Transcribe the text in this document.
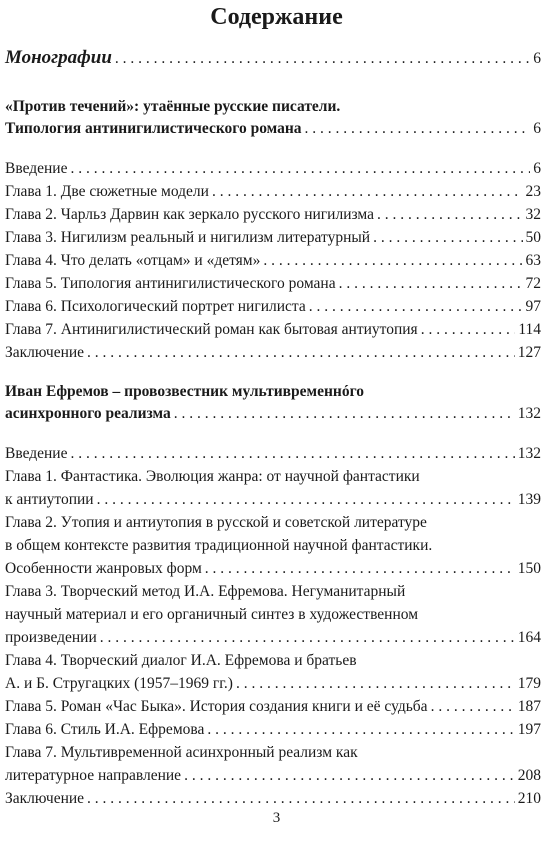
Содержание
Монографии . . .	6
«Против течений»: утаённые русские писатели.
Типология антинигилистического романа . . .	6
Введение . . .	6
Глава 1. Две сюжетные модели . . .	23
Глава 2. Чарльз Дарвин как зеркало русского нигилизма . . .	32
Глава 3. Нигилизм реальный и нигилизм литературный . . .	50
Глава 4. Что делать «отцам» и «детям» . . .	63
Глава 5. Типология антинигилистического романа . . .	72
Глава 6. Психологический портрет нигилиста . . .	97
Глава 7. Антинигилистический роман как бытовая антиутопия . . .	114
Заключение . . .	127
Иван Ефремов – провозвестник мультивременнóго
асинхронного реализма . . .	132
Введение . . .	132
Глава 1. Фантастика. Эволюция жанра: от научной фантастики
к антиутопии . . .	139
Глава 2. Утопия и антиутопия в русской и советской литературе
в общем контексте развития традиционной научной фантастики.
Особенности жанровых форм . . .	150
Глава 3. Творческий метод И.А. Ефремова. Негуманитарный
научный материал и его органичный синтез в художественном
произведении . . .	164
Глава 4. Творческий диалог И.А. Ефремова и братьев
А. и Б. Стругацких (1957–1969 гг.) . . .	179
Глава 5. Роман «Час Быка». История создания книги и её судьба . . .	187
Глава 6. Стиль И.А. Ефремова . . .	197
Глава 7. Мультивременной асинхронный реализм как
литературное направление . . .	208
Заключение . . .	210
3
